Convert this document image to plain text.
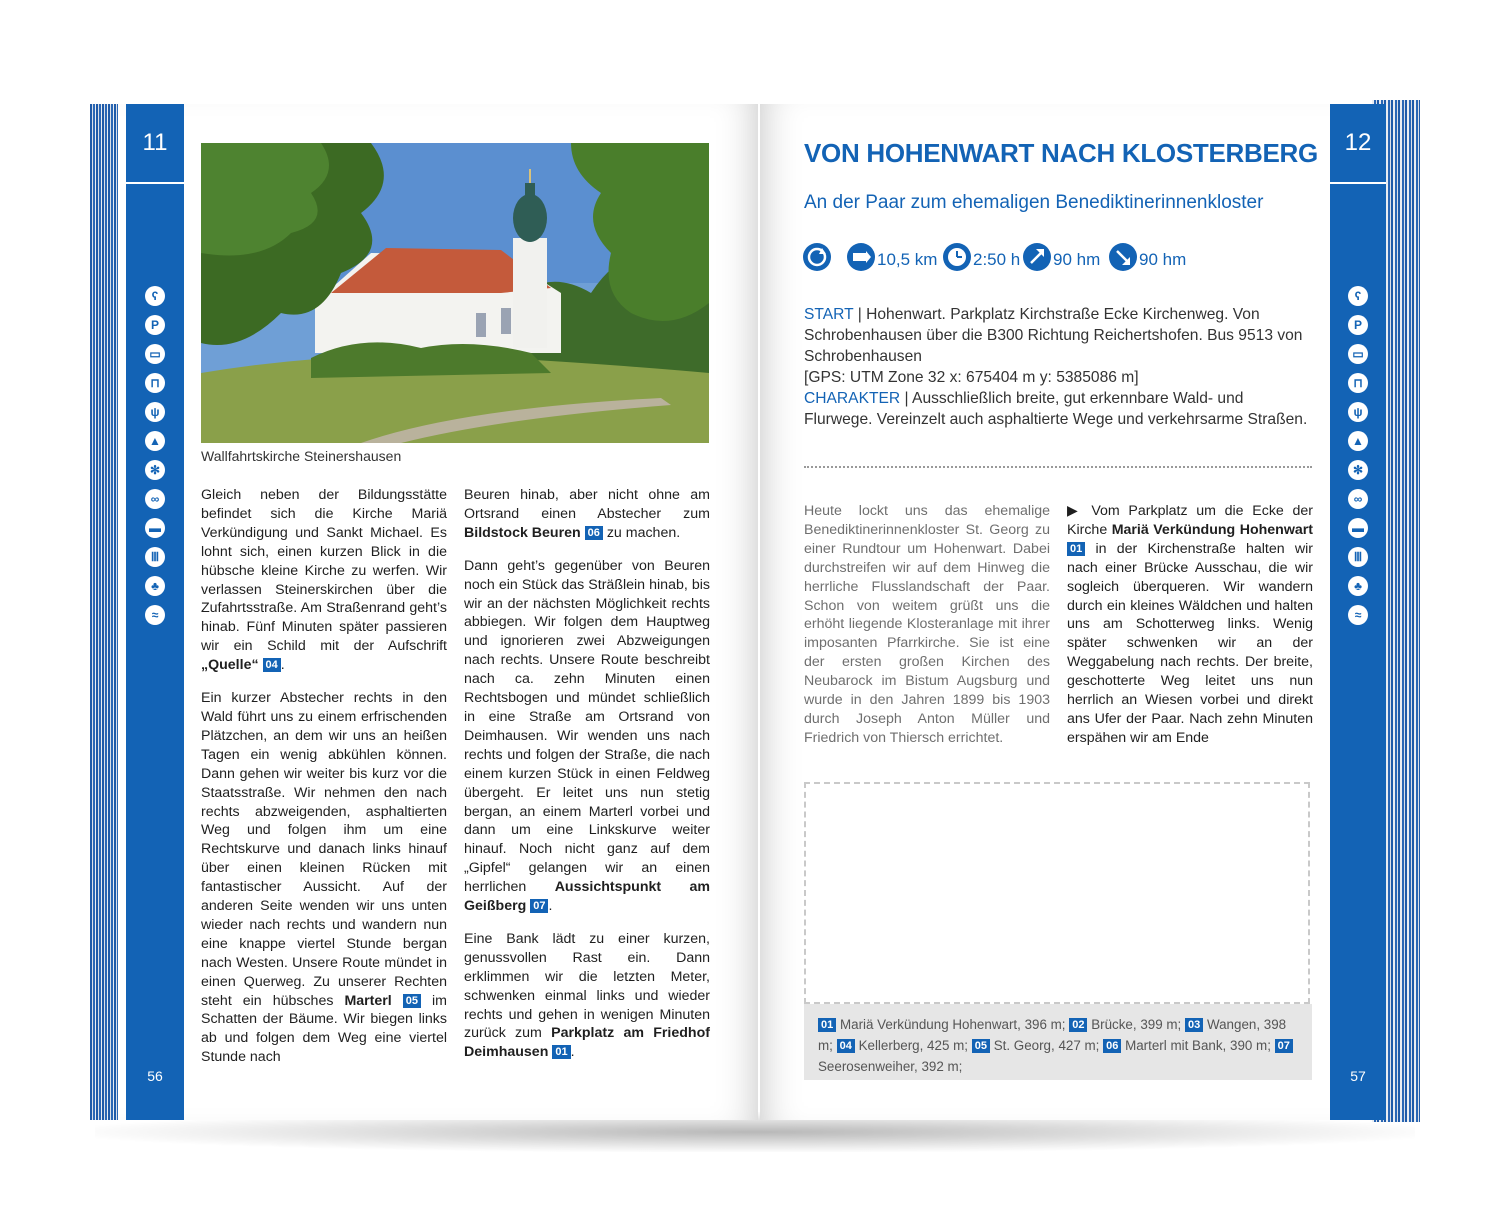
11
ʕ
P
▭
⊓
ψ
▲
✻
∞
▬
Ⅲ
♣
≈
56
Wallfahrtskirche Steinershausen

Gleich neben der Bildungsstätte befindet sich die Kirche Mariä Verkündigung und Sankt Michael. Es lohnt sich, einen kurzen Blick in die hübsche kleine Kirche zu werfen. Wir verlassen Steinerskirchen über die Zufahrtsstraße. Am Straßenrand geht’s hinab. Fünf Minuten später passieren wir ein Schild mit der Aufschrift „Quelle“ 04 .

Ein kurzer Abstecher rechts in den Wald führt uns zu einem erfrischenden Plätzchen, an dem wir uns an heißen Tagen ein wenig abkühlen können. Dann gehen wir weiter bis kurz vor die Staatsstraße. Wir nehmen den nach rechts abzweigenden, asphaltierten Weg und folgen ihm um eine Rechtskurve und danach links hinauf über einen kleinen Rücken mit fantastischer Aussicht. Auf der anderen Seite wenden wir uns unten wieder nach rechts und wandern nun eine knappe viertel Stunde bergan nach Westen. Unsere Route mündet in einen Querweg. Zu unserer Rechten steht ein hübsches Marterl 05 im Schatten der Bäume. Wir biegen links ab und folgen dem Weg eine viertel Stunde nach

Beuren hinab, aber nicht ohne am Ortsrand einen Abstecher zum Bildstock Beuren 06 zu machen.

Dann geht’s gegenüber von Beuren noch ein Stück das Sträßlein hinab, bis wir an der nächsten Möglichkeit rechts abbiegen. Wir folgen dem Hauptweg und ignorieren zwei Abzweigungen nach rechts. Unsere Route beschreibt nach ca. zehn Minuten einen Rechtsbogen und mündet schließlich in eine Straße am Ortsrand von Deimhausen. Wir wenden uns nach rechts und folgen der Straße, die nach einem kurzen Stück in einen Feldweg übergeht. Er leitet uns nun stetig bergan, an einem Marterl vorbei und dann um eine Linkskurve weiter hinauf. Noch nicht ganz auf dem „Gipfel“ gelangen wir an einen herrlichen Aussichtspunkt am Geißberg 07 .

Eine Bank lädt zu einer kurzen, genussvollen Rast ein. Dann erklimmen wir die letzten Meter, schwenken einmal links und wieder rechts und gehen in wenigen Minuten zurück zum Parkplatz am Friedhof Deimhausen 01 .

12
ʕ
P
▭
⊓
ψ
▲
✻
∞
▬
Ⅲ
♣
≈
57
VON HOHENWART NACH KLOSTERBERG
An der Paar zum ehemaligen Benediktinerinnenkloster
10,5 km 2:50 h 90 hm 90 hm
START | Hohenwart. Parkplatz Kirchstraße Ecke Kirchenweg. Von Schrobenhausen über die B300 Richtung Reichertshofen. Bus 9513 von Schrobenhausen
[GPS: UTM Zone 32 x: 675404 m y: 5385086 m]
CHARAKTER | Ausschließlich breite, gut erkennbare Wald- und Flurwege. Vereinzelt auch asphaltierte Wege und verkehrsarme Straßen.

Heute lockt uns das ehemalige Benediktinerinnenkloster St. Georg zu einer Rundtour um Hohenwart. Dabei durchstreifen wir auf dem Hinweg die herrliche Flusslandschaft der Paar. Schon von weitem grüßt uns die erhöht liegende Klosteranlage mit ihrer imposanten Pfarrkirche. Sie ist eine der ersten großen Kirchen des Neubarock im Bistum Augsburg und wurde in den Jahren 1899 bis 1903 durch Joseph Anton Müller und Friedrich von Thiersch errichtet.

▶ Vom Parkplatz um die Ecke der Kirche Mariä Verkündung Hohenwart 01 in der Kirchenstraße halten wir nach einer Brücke Ausschau, die wir sogleich überqueren. Wir wandern durch ein kleines Wäldchen und halten uns am Schotterweg links. Wenig später schwenken wir an der Weggabelung nach rechts. Der breite, geschotterte Weg leitet uns nun herrlich an Wiesen vorbei und direkt ans Ufer der Paar. Nach zehn Minuten erspähen wir am Ende

01 Mariä Verkündung Hohenwart, 396 m; 02 Brücke, 399 m; 03 Wangen, 398 m; 04 Kellerberg, 425 m; 05 St. Georg, 427 m; 06 Marterl mit Bank, 390 m; 07 Seerosenweiher, 392 m;
